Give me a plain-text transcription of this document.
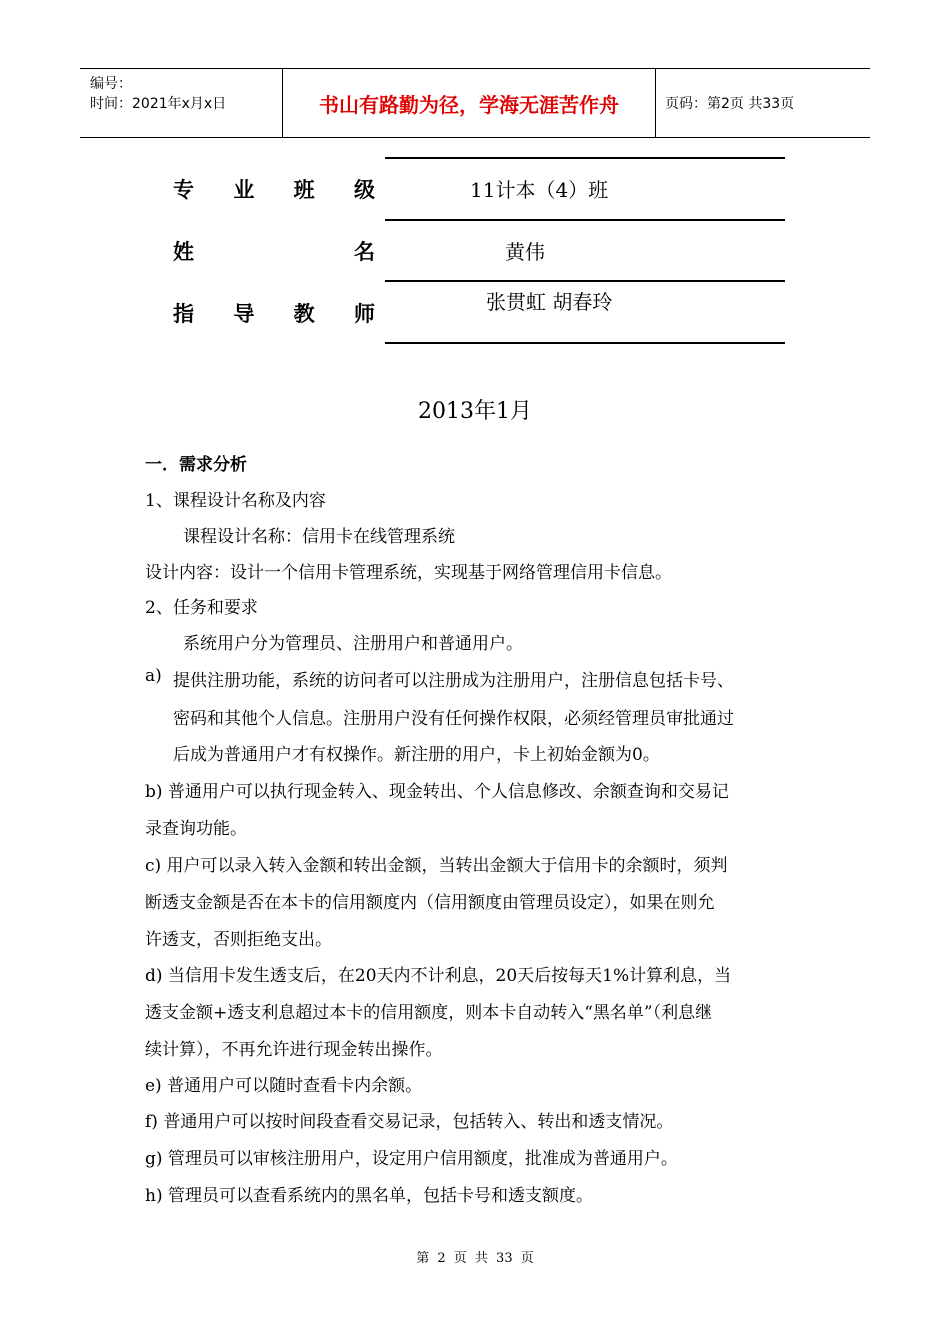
编号：
时间：2021年x月x日	书山有路勤为径，学海无涯苦作舟	页码：第2页 共33页
专 业 班 级	11计本（4）班
姓	名	黄伟
指 导 教 师	张贯虹 胡春玲
2013年1月
一．需求分析
1、课程设计名称及内容
课程设计名称：信用卡在线管理系统
设计内容：设计一个信用卡管理系统，实现基于网络管理信用卡信息。
2、任务和要求
系统用户分为管理员、注册用户和普通用户。
a) 提供注册功能，系统的访问者可以注册成为注册用户，注册信息包括卡号、
密码和其他个人信息。注册用户没有任何操作权限，必须经管理员审批通过
后成为普通用户才有权操作。新注册的用户，卡上初始金额为0。
b) 普通用户可以执行现金转入、现金转出、个人信息修改、余额查询和交易记
录查询功能。
c) 用户可以录入转入金额和转出金额，当转出金额大于信用卡的余额时，须判
断透支金额是否在本卡的信用额度内（信用额度由管理员设定），如果在则允
许透支，否则拒绝支出。
d) 当信用卡发生透支后，在20天内不计利息，20天后按每天1%计算利息，当
透支金额+透支利息超过本卡的信用额度，则本卡自动转入“黑名单”（利息继
续计算），不再允许进行现金转出操作。
e) 普通用户可以随时查看卡内余额。
f) 普通用户可以按时间段查看交易记录，包括转入、转出和透支情况。
g) 管理员可以审核注册用户，设定用户信用额度，批准成为普通用户。
h) 管理员可以查看系统内的黑名单，包括卡号和透支额度。
第 2 页 共 33 页
